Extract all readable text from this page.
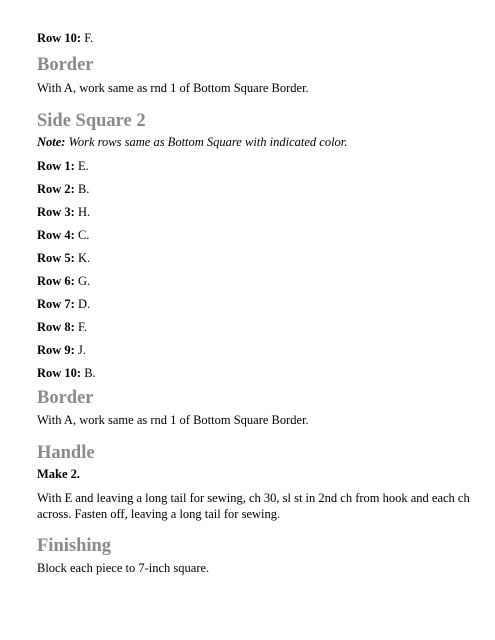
Row 10: F.

Border

With A, work same as rnd 1 of Bottom Square Border.

Side Square 2

Note: Work rows same as Bottom Square with indicated color.

Row 1: E.

Row 2: B.

Row 3: H.

Row 4: C.

Row 5: K.

Row 6: G.

Row 7: D.

Row 8: F.

Row 9: J.

Row 10: B.

Border

With A, work same as rnd 1 of Bottom Square Border.

Handle

Make 2.

With E and leaving a long tail for sewing, ch 30, sl st in 2nd ch from hook and each ch

across. Fasten off, leaving a long tail for sewing.

Finishing

Block each piece to 7-inch square.
